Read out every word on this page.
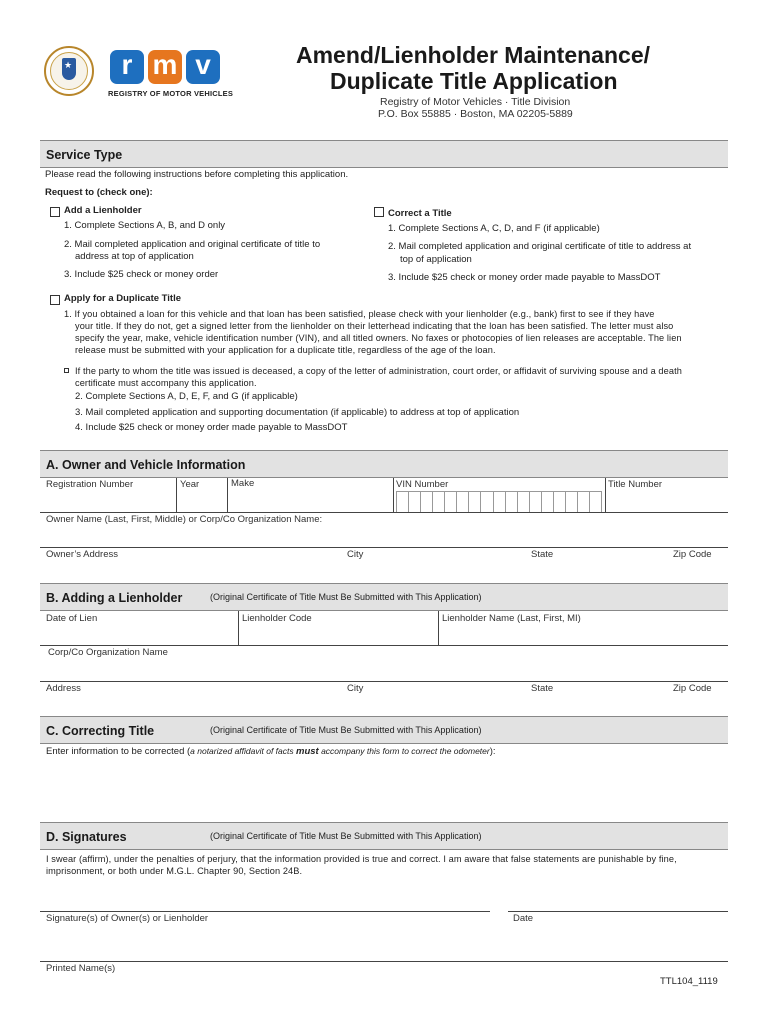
★	r m v
REGISTRY OF MOTOR VEHICLES
Amend/Lienholder Maintenance/
Duplicate Title Application
Registry of Motor Vehicles · Title Division
P.O. Box 55885 · Boston, MA 02205-5889
Service Type
Please read the following instructions before completing this application.
Request to (check one):
Add a Lienholder
1. Complete Sections A, B, and D only
2. Mail completed application and original certificate of title to
address at top of application
3. Include $25 check or money order
Correct a Title
1. Complete Sections A, C, D, and F (if applicable)
2. Mail completed application and original certificate of title to address at
top of application
3. Include $25 check or money order made payable to MassDOT
Apply for a Duplicate Title
1. If you obtained a loan for this vehicle and that loan has been satisfied, please check with your lienholder (e.g., bank) first to see if they have
your title. If they do not, get a signed letter from the lienholder on their letterhead indicating that the loan has been satisfied. The letter must also
specify the year, make, vehicle identification number (VIN), and all titled owners. No faxes or photocopies of lien releases are acceptable. The lien
release must be submitted with your application for a duplicate title, regardless of the age of the loan.
If the party to whom the title was issued is deceased, a copy of the letter of administration, court order, or affidavit of surviving spouse and a death
certificate must accompany this application.
2. Complete Sections A, D, E, F, and G (if applicable)
3. Mail completed application and supporting documentation (if applicable) to address at top of application
4. Include $25 check or money order made payable to MassDOT
A. Owner and Vehicle Information
Registration Number	Year	Make	VIN Number	Title Number
Owner Name (Last, First, Middle) or Corp/Co Organization Name:
Owner’s Address	City	State	Zip Code
B. Adding a Lienholder	(Original Certificate of Title Must Be Submitted with This Application)
Date of Lien	Lienholder Code	Lienholder Name (Last, First, MI)
Corp/Co Organization Name
Address	City	State	Zip Code
C. Correcting Title	(Original Certificate of Title Must Be Submitted with This Application)
Enter information to be corrected (a notarized affidavit of facts must accompany this form to correct the odometer):
D. Signatures	(Original Certificate of Title Must Be Submitted with This Application)
I swear (affirm), under the penalties of perjury, that the information provided is true and correct. I am aware that false statements are punishable by fine,
imprisonment, or both under M.G.L. Chapter 90, Section 24B.
Signature(s) of Owner(s) or Lienholder	Date
Printed Name(s)
TTL104_1119
